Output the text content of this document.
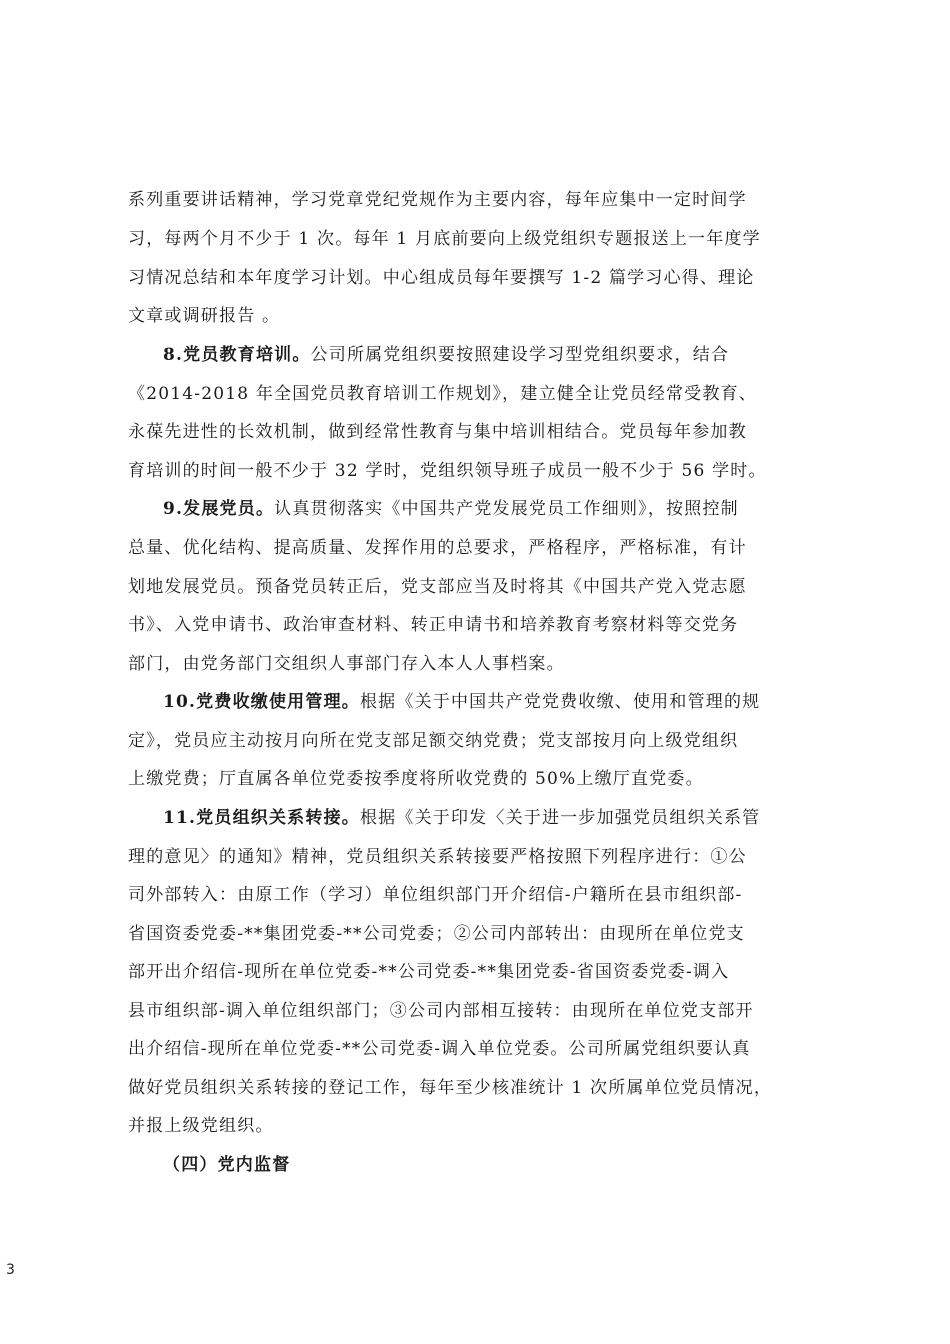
系列重要讲话精神，学习党章党纪党规作为主要内容，每年应集中一定时间学
习，每两个月不少于 1 次。每年 1 月底前要向上级党组织专题报送上一年度学
习情况总结和本年度学习计划。中心组成员每年要撰写 1-2 篇学习心得、理论
文章或调研报告 。
8.党员教育培训。公司所属党组织要按照建设学习型党组织要求，结合
《2014-2018 年全国党员教育培训工作规划》，建立健全让党员经常受教育、
永葆先进性的长效机制，做到经常性教育与集中培训相结合。党员每年参加教
育培训的时间一般不少于 32 学时，党组织领导班子成员一般不少于 56 学时。
9.发展党员。认真贯彻落实《中国共产党发展党员工作细则》，按照控制
总量、优化结构、提高质量、发挥作用的总要求，严格程序，严格标准，有计
划地发展党员。预备党员转正后，党支部应当及时将其《中国共产党入党志愿
书》、入党申请书、政治审查材料、转正申请书和培养教育考察材料等交党务
部门，由党务部门交组织人事部门存入本人人事档案。
10.党费收缴使用管理。根据《关于中国共产党党费收缴、使用和管理的规
定》，党员应主动按月向所在党支部足额交纳党费；党支部按月向上级党组织
上缴党费；厅直属各单位党委按季度将所收党费的 50%上缴厅直党委。
11.党员组织关系转接。根据《关于印发〈关于进一步加强党员组织关系管
理的意见〉的通知》精神，党员组织关系转接要严格按照下列程序进行：①公
司外部转入：由原工作（学习）单位组织部门开介绍信-户籍所在县市组织部-
省国资委党委-**集团党委-**公司党委；②公司内部转出：由现所在单位党支
部开出介绍信-现所在单位党委-**公司党委-**集团党委-省国资委党委-调入
县市组织部-调入单位组织部门；③公司内部相互接转：由现所在单位党支部开
出介绍信-现所在单位党委-**公司党委-调入单位党委。公司所属党组织要认真
做好党员组织关系转接的登记工作，每年至少核准统计 1 次所属单位党员情况，
并报上级党组织。
（四）党内监督
3
